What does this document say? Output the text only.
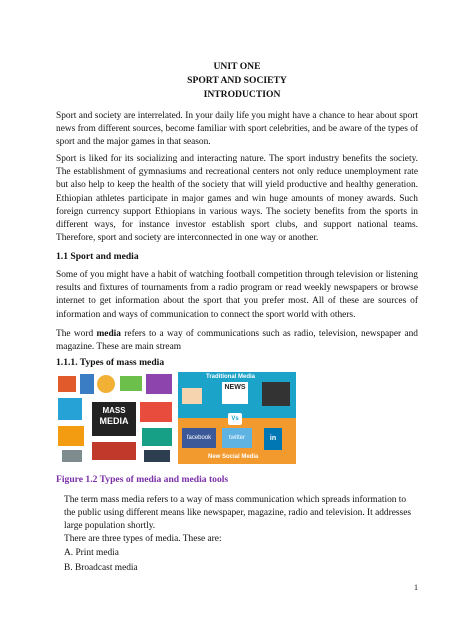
UNIT ONE

SPORT AND SOCIETY

INTRODUCTION

Sport and society are interrelated. In your daily life you might have a chance to hear about sport news from different sources, become familiar with sport celebrities, and be aware of the types of sport and the major games in that season.

Sport is liked for its socializing and interacting nature. The sport industry benefits the society. The establishment of gymnasiums and recreational centers not only reduce unemployment rate but also help to keep the health of the society that will yield productive and healthy generation. Ethiopian athletes participate in major games and win huge amounts of money awards. Such foreign currency support Ethiopians in various ways. The society benefits from the sports in different ways, for instance investor establish sport clubs, and support national teams. Therefore, sport and society are interconnected in one way or another.

1.1 Sport and media

Some of you might have a habit of watching football competition through television or listening results and fixtures of tournaments from a radio program or read weekly newspapers or browse internet to get information about the sport that you prefer most. All of these are sources of information and ways of communication to connect the sport world with others.

The word media refers to a way of communications such as radio, television, newspaper and magazine. These are main stream

1.1.1. Types of mass media

MASS
MEDIA
Traditional Media
NEWS
Vs
facebook	twitter	in
New Social Media

Figure 1.2 Types of media and media tools

The term mass media refers to a way of mass communication which spreads information to the public using different means like newspaper, magazine, radio and television. It addresses large population shortly.

There are three types of media. These are:

A. Print media

B. Broadcast media

1
